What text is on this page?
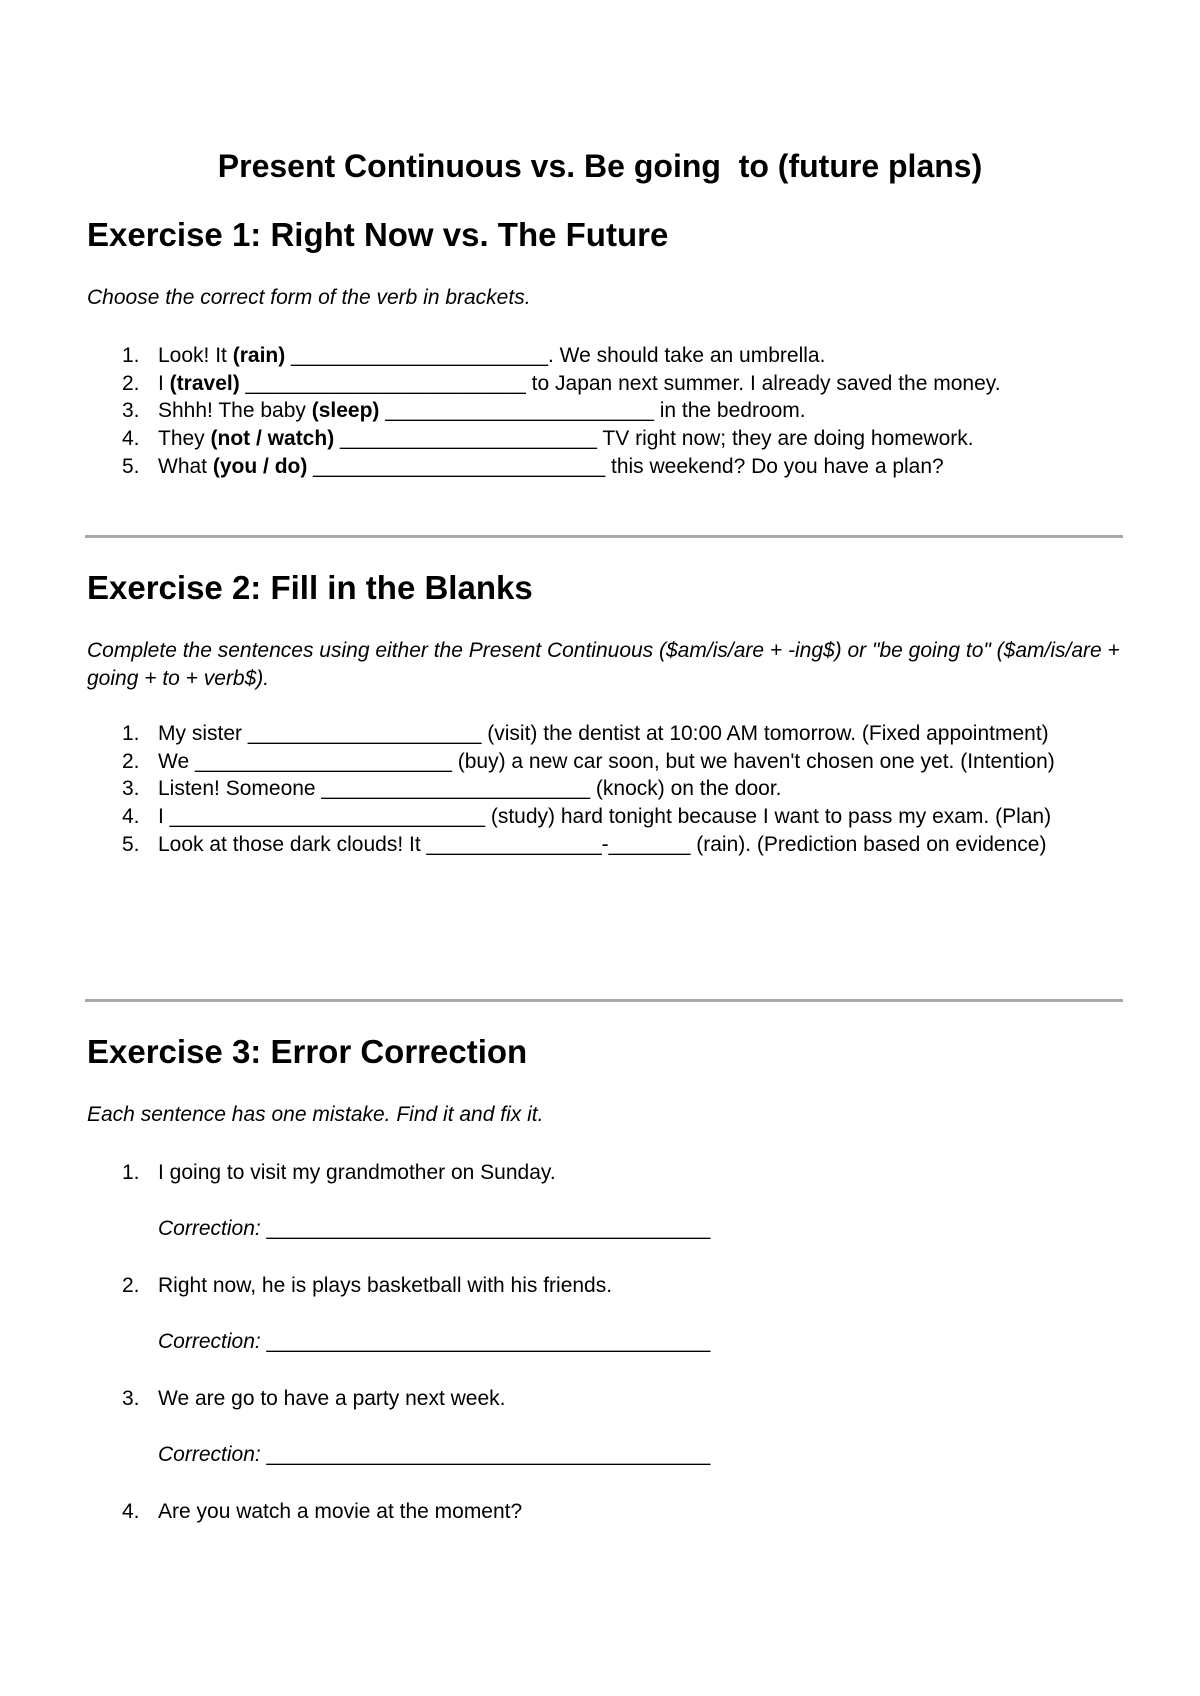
Present Continuous vs. Be going  to (future plans)
Exercise 1: Right Now vs. The Future
Choose the correct form of the verb in brackets.
1. Look! It (rain) ______________________. We should take an umbrella.
2. I (travel) ________________________ to Japan next summer. I already saved the money.
3. Shhh! The baby (sleep) _______________________ in the bedroom.
4. They (not / watch) ______________________ TV right now; they are doing homework.
5. What (you / do) _________________________ this weekend? Do you have a plan?
Exercise 2: Fill in the Blanks
Complete the sentences using either the Present Continuous ($am/is/are + -ing$) or "be going to" ($am/is/are + going + to + verb$).
1. My sister ____________________ (visit) the dentist at 10:00 AM tomorrow. (Fixed appointment)
2. We ______________________ (buy) a new car soon, but we haven't chosen one yet. (Intention)
3. Listen! Someone _______________________ (knock) on the door.
4. I ___________________________ (study) hard tonight because I want to pass my exam. (Plan)
5. Look at those dark clouds! It _______________-_______ (rain). (Prediction based on evidence)
Exercise 3: Error Correction
Each sentence has one mistake. Find it and fix it.
1. I going to visit my grandmother on Sunday.
Correction: ______________________________________
2. Right now, he is plays basketball with his friends.
Correction: ______________________________________
3. We are go to have a party next week.
Correction: ______________________________________
4. Are you watch a movie at the moment?
